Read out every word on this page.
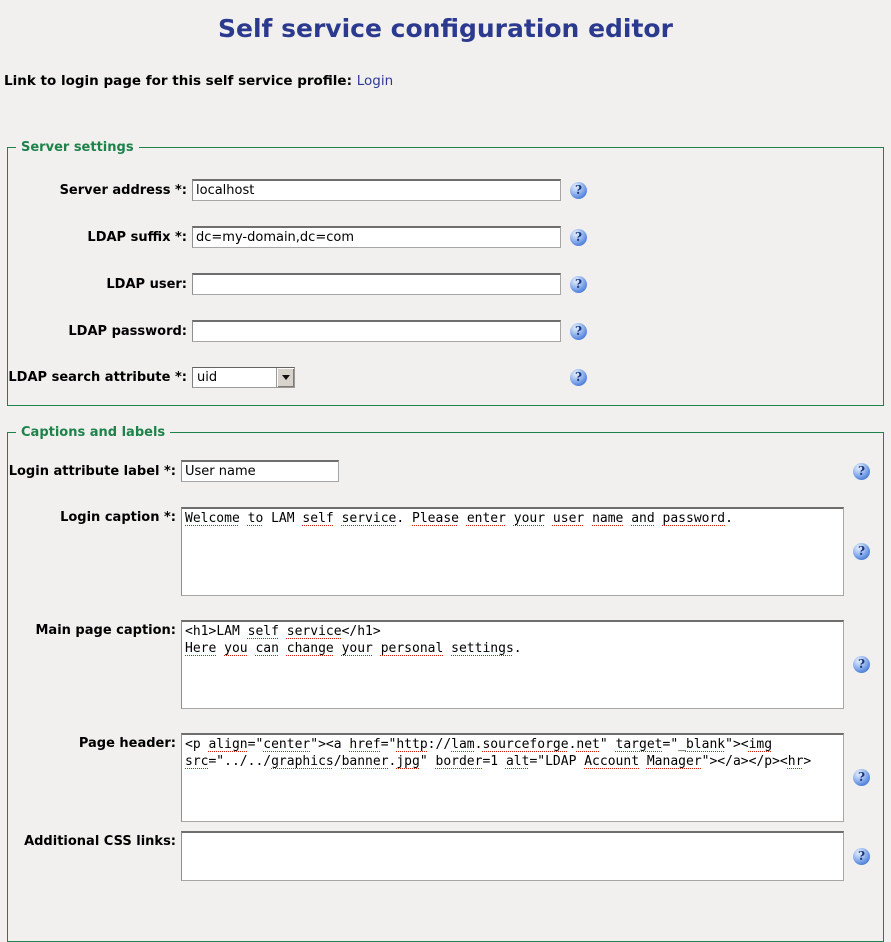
Self service configuration editor

Link to login page for this self service profile: Login

Server settings
Server address *:
localhost	?
LDAP suffix *:
dc=my-domain,dc=com	?
LDAP user:	?
LDAP password:	?
LDAP search attribute *: uid	?
Captions and labels
Login attribute label *:
User name	?
Login caption *: Welcome to LAM self service. Please enter your user name and password.
?
Main page caption: <h1>LAM self service</h1>
Here you can change your personal settings.
?
Page header: <p align="center"><a href="http://lam.sourceforge.net" target="_blank"><img src="../../graphics/banner.jpg" border=1 alt="LDAP Account Manager"></a></p><hr>
?
Additional CSS links:
?
